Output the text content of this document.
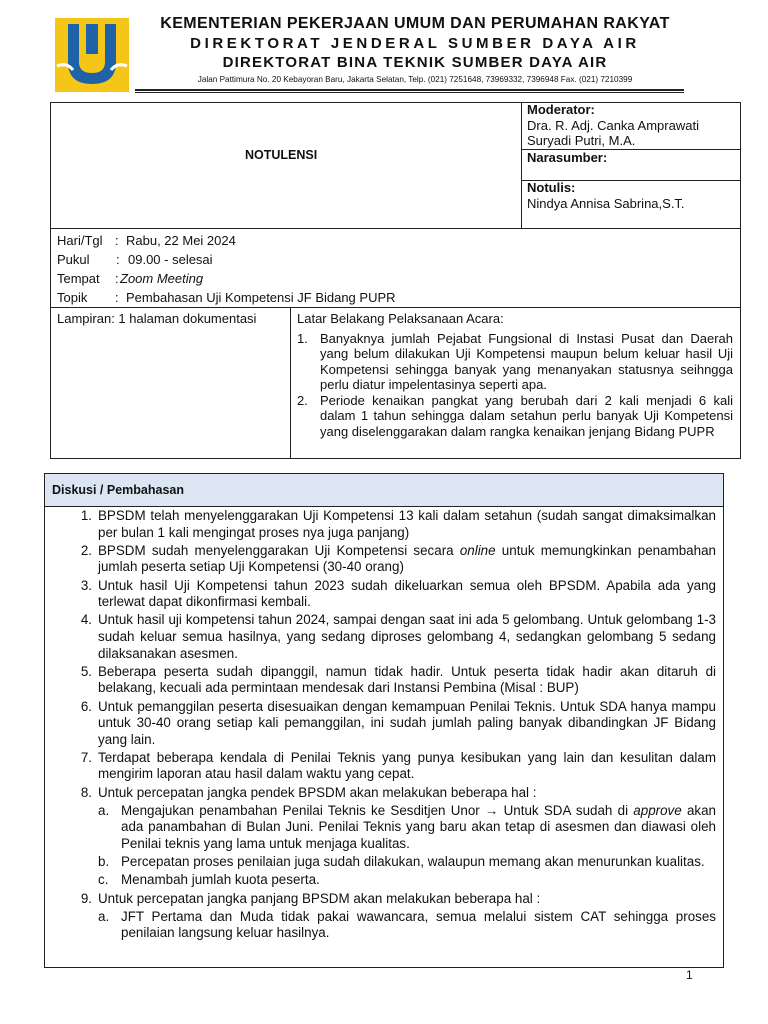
KEMENTERIAN PEKERJAAN UMUM DAN PERUMAHAN RAKYAT
DIREKTORAT JENDERAL SUMBER DAYA AIR
DIREKTORAT BINA TEKNIK SUMBER DAYA AIR
Jalan Pattimura No. 20 Kebayoran Baru, Jakarta Selatan, Telp. (021) 7251648, 73969332, 7396948 Fax. (021) 7210399
NOTULENSI
Moderator:
Dra. R. Adj. Canka Amprawati
Suryadi Putri, M.A.
Narasumber:
Notulis:
Nindya Annisa Sabrina,S.T.
Hari/Tgl : Rabu, 22 Mei 2024
Pukul : 09.00 - selesai
Tempat : Zoom Meeting
Topik : Pembahasan Uji Kompetensi JF Bidang PUPR
Lampiran: 1 halaman dokumentasi	Latar Belakang Pelaksanaan Acara:
1. Banyaknya jumlah Pejabat Fungsional di Instasi Pusat dan Daerah yang belum dilakukan Uji Kompetensi maupun belum keluar hasil Uji Kompetensi sehingga banyak yang menanyakan statusnya seihngga perlu diatur impelentasinya seperti apa.
2. Periode kenaikan pangkat yang berubah dari 2 kali menjadi 6 kali dalam 1 tahun sehingga dalam setahun perlu banyak Uji Kompetensi yang diselenggarakan dalam rangka kenaikan jenjang Bidang PUPR
Diskusi / Pembahasan
1. BPSDM telah menyelenggarakan Uji Kompetensi 13 kali dalam setahun (sudah sangat dimaksimalkan per bulan 1 kali mengingat proses nya juga panjang)
2. BPSDM sudah menyelenggarakan Uji Kompetensi secara online untuk memungkinkan penambahan jumlah peserta setiap Uji Kompetensi (30-40 orang)
3. Untuk hasil Uji Kompetensi tahun 2023 sudah dikeluarkan semua oleh BPSDM. Apabila ada yang terlewat dapat dikonfirmasi kembali.
4. Untuk hasil uji kompetensi tahun 2024, sampai dengan saat ini ada 5 gelombang. Untuk gelombang 1-3 sudah keluar semua hasilnya, yang sedang diproses gelombang 4, sedangkan gelombang 5 sedang dilaksanakan asesmen.
5. Beberapa peserta sudah dipanggil, namun tidak hadir. Untuk peserta tidak hadir akan ditaruh di belakang, kecuali ada permintaan mendesak dari Instansi Pembina (Misal : BUP)
6. Untuk pemanggilan peserta disesuaikan dengan kemampuan Penilai Teknis. Untuk SDA hanya mampu untuk 30-40 orang setiap kali pemanggilan, ini sudah jumlah paling banyak dibandingkan JF Bidang yang lain.
7. Terdapat beberapa kendala di Penilai Teknis yang punya kesibukan yang lain dan kesulitan dalam mengirim laporan atau hasil dalam waktu yang cepat.
8. Untuk percepatan jangka pendek BPSDM akan melakukan beberapa hal :
a. Mengajukan penambahan Penilai Teknis ke Sesditjen Unor → Untuk SDA sudah di approve akan ada panambahan di Bulan Juni. Penilai Teknis yang baru akan tetap di asesmen dan diawasi oleh Penilai teknis yang lama untuk menjaga kualitas.
b. Percepatan proses penilaian juga sudah dilakukan, walaupun memang akan menurunkan kualitas.
c. Menambah jumlah kuota peserta.
9. Untuk percepatan jangka panjang BPSDM akan melakukan beberapa hal :
a. JFT Pertama dan Muda tidak pakai wawancara, semua melalui sistem CAT sehingga proses penilaian langsung keluar hasilnya.
1
